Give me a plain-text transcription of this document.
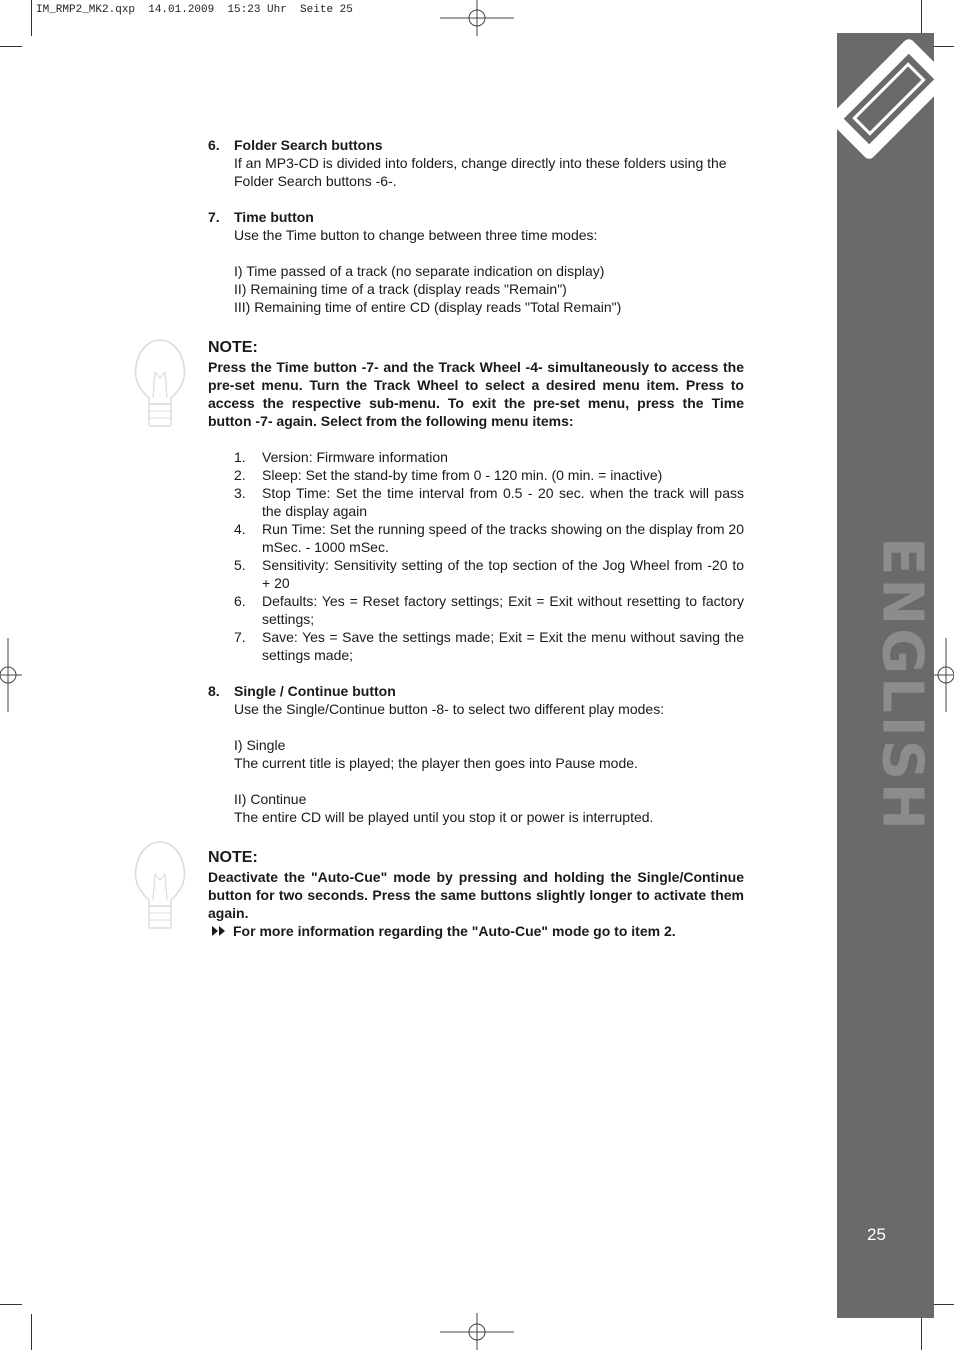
IM_RMP2_MK2.qxp  14.01.2009  15:23 Uhr  Seite 25
ENGLISH
25
6. Folder Search buttons
If an MP3-CD is divided into folders, change directly into these folders using the Folder Search buttons -6-.
7. Time button
Use the Time button to change between three time modes:
I) Time passed of a track (no separate indication on display)
II) Remaining time of a track (display reads "Remain")
III) Remaining time of entire CD (display reads "Total Remain")
NOTE:
Press the Time button -7- and the Track Wheel -4- simultaneously to access the pre-set menu. Turn the Track Wheel to select a desired menu item. Press to access the respective sub-menu. To exit the pre-set menu, press the Time button -7- again. Select from the following menu items:
1.	Version: Firmware information
2.	Sleep: Set the stand-by time from 0 - 120 min. (0 min. = inactive)
3.	Stop Time: Set the time interval from 0.5 - 20 sec. when the track will pass the display again
4.	Run Time: Set the running speed of the tracks showing on the display from 20 mSec. - 1000 mSec.
5.	Sensitivity: Sensitivity setting of the top section of the Jog Wheel from -20 to + 20
6.	Defaults: Yes = Reset factory settings; Exit = Exit without resetting to factory settings;
7.	Save: Yes = Save the settings made; Exit = Exit the menu without saving the settings made;
8. Single / Continue button
Use the Single/Continue button -8- to select two different play modes:
I) Single
The current title is played; the player then goes into Pause mode.
II) Continue
The entire CD will be played until you stop it or power is interrupted.
NOTE:
Deactivate the "Auto-Cue" mode by pressing and holding the Single/Continue button for two seconds. Press the same buttons slightly longer to activate them again.
For more information regarding the "Auto-Cue" mode go to item 2.
